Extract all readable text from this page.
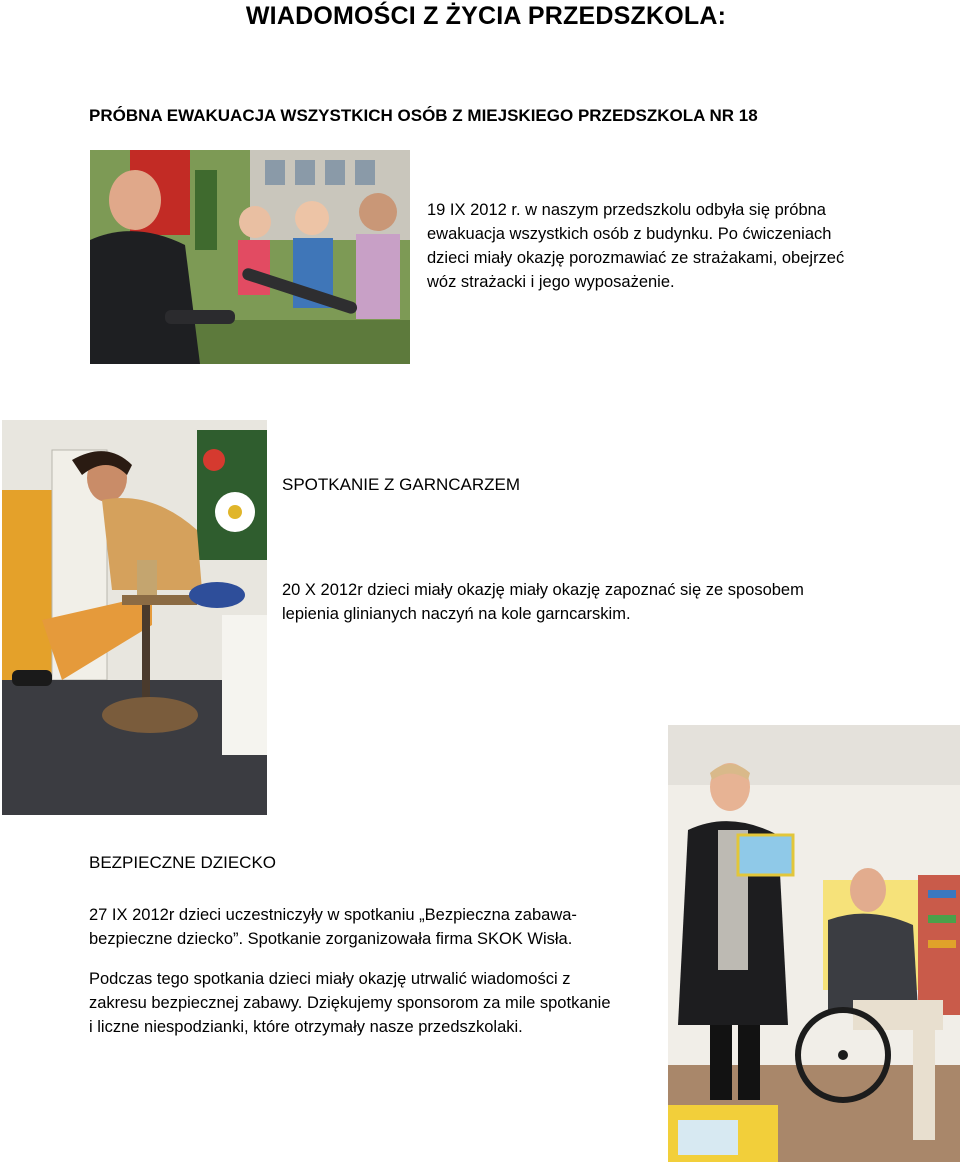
WIADOMOŚCI Z ŻYCIA PRZEDSZKOLA:
PRÓBNA EWAKUACJA WSZYSTKICH OSÓB Z MIEJSKIEGO PRZEDSZKOLA NR 18
19 IX 2012 r. w naszym przedszkolu odbyła się próbna
ewakuacja wszystkich osób z budynku. Po ćwiczeniach
dzieci miały okazję porozmawiać ze strażakami, obejrzeć
wóz strażacki i jego wyposażenie.
SPOTKANIE Z GARNCARZEM
20 X 2012r dzieci miały okazję miały okazję zapoznać się ze sposobem
lepienia glinianych naczyń na kole garncarskim.
BEZPIECZNE DZIECKO
27 IX 2012r dzieci uczestniczyły w spotkaniu „Bezpieczna zabawa-
bezpieczne dziecko”. Spotkanie zorganizowała firma SKOK Wisła.
Podczas tego spotkania dzieci miały okazję utrwalić wiadomości z
zakresu bezpiecznej zabawy. Dziękujemy sponsorom za mile spotkanie
i liczne niespodzianki, które otrzymały nasze przedszkolaki.
